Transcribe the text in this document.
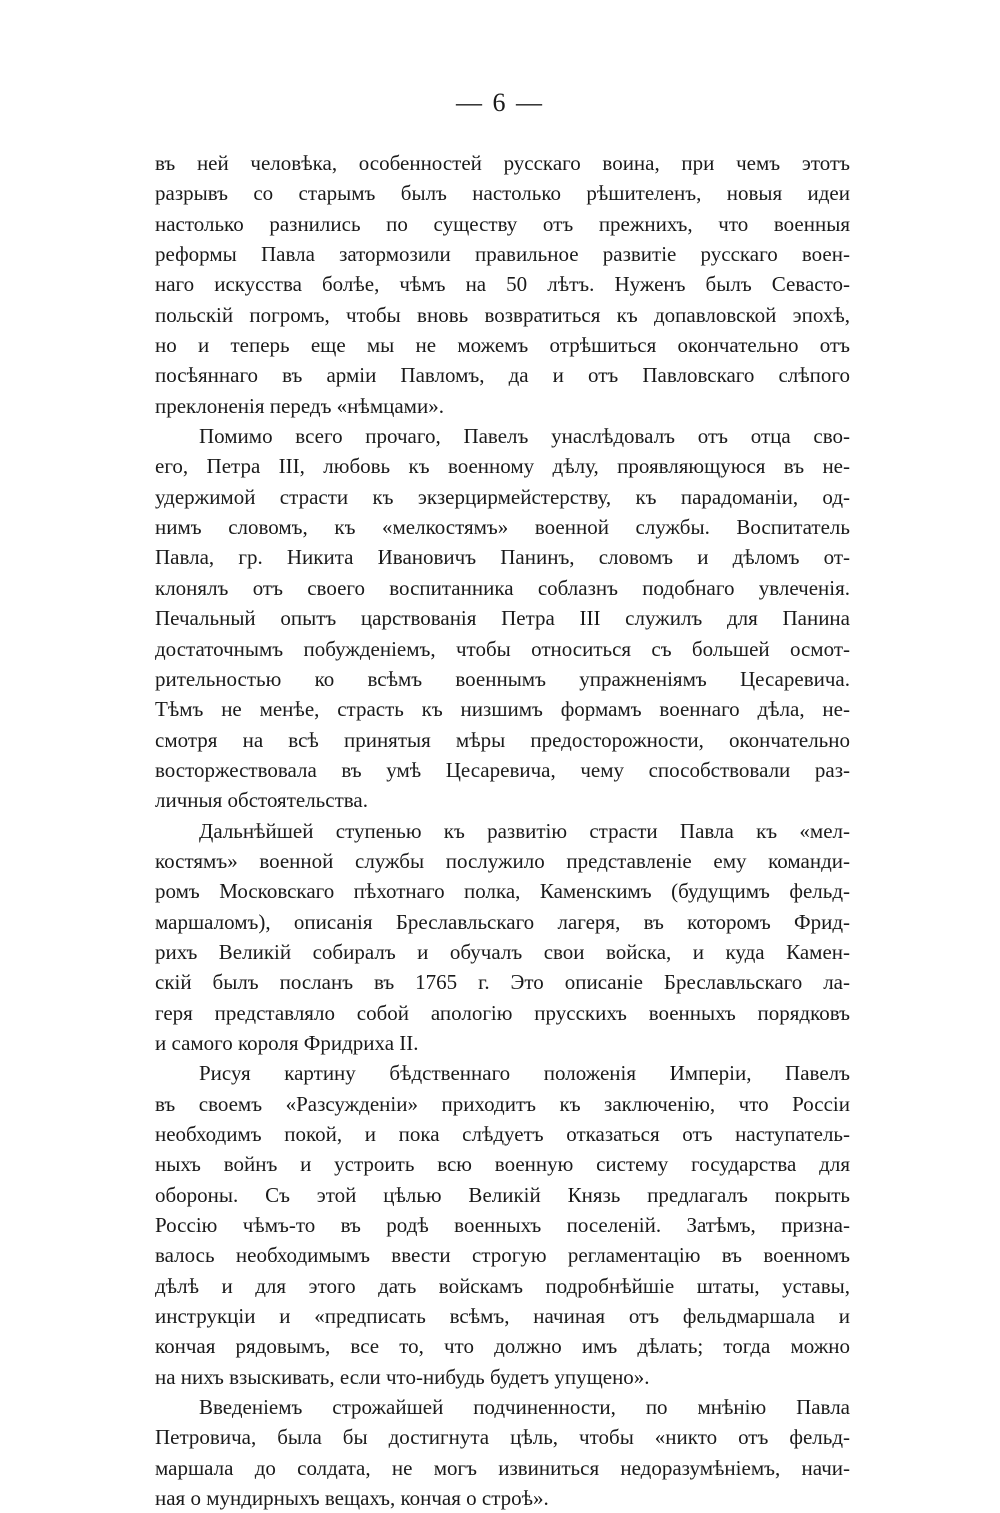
— 6 —
въ ней человѣка, особенностей русскаго воина, при чемъ этотъ
разрывъ со старымъ былъ настолько рѣшителенъ, новыя идеи
настолько разнились по существу отъ прежнихъ, что военныя
реформы Павла затормозили правильное развитіе русскаго воен-
наго искусства болѣе, чѣмъ на 50 лѣтъ. Нуженъ былъ Севасто-
польскій погромъ, чтобы вновь возвратиться къ допавловской эпохѣ,
но и теперь еще мы не можемъ отрѣшиться окончательно отъ
посѣяннаго въ арміи Павломъ, да и отъ Павловскаго слѣпого
преклоненія передъ «нѣмцами».
Помимо всего прочаго, Павелъ унаслѣдовалъ отъ отца сво-
его, Петра III, любовь къ военному дѣлу, проявляющуюся въ не-
удержимой страсти къ экзерцирмейстерству, къ парадоманіи, од-
нимъ словомъ, къ «мелкостямъ» военной службы. Воспитатель
Павла, гр. Никита Ивановичъ Панинъ, словомъ и дѣломъ от-
клонялъ отъ своего воспитанника соблазнъ подобнаго увлеченія.
Печальный опытъ царствованія Петра III служилъ для Панина
достаточнымъ побужденіемъ, чтобы относиться съ большей осмот-
рительностью ко всѣмъ военнымъ упражненіямъ Цесаревича.
Тѣмъ не менѣе, страсть къ низшимъ формамъ военнаго дѣла, не-
смотря на всѣ принятыя мѣры предосторожности, окончательно
восторжествовала въ умѣ Цесаревича, чему способствовали раз-
личныя обстоятельства.
Дальнѣйшей ступенью къ развитію страсти Павла къ «мел-
костямъ» военной службы послужило представленіе ему команди-
ромъ Московскаго пѣхотнаго полка, Каменскимъ (будущимъ фельд-
маршаломъ), описанія Бреславльскаго лагеря, въ которомъ Фрид-
рихъ Великій собиралъ и обучалъ свои войска, и куда Камен-
скій былъ посланъ въ 1765 г. Это описаніе Бреславльскаго ла-
геря представляло собой апологію прусскихъ военныхъ порядковъ
и самого короля Фридриха II.
Рисуя картину бѣдственнаго положенія Имперіи, Павелъ
въ своемъ «Разсужденіи» приходитъ къ заключенію, что Россіи
необходимъ покой, и пока слѣдуетъ отказаться отъ наступатель-
ныхъ войнъ и устроить всю военную систему государства для
обороны. Съ этой цѣлью Великій Князь предлагалъ покрыть
Россію чѣмъ-то въ родѣ военныхъ поселеній. Затѣмъ, призна-
валось необходимымъ ввести строгую регламентацію въ военномъ
дѣлѣ и для этого дать войскамъ подробнѣйшіе штаты, уставы,
инструкціи и «предписать всѣмъ, начиная отъ фельдмаршала и
кончая рядовымъ, все то, что должно имъ дѣлать; тогда можно
на нихъ взыскивать, если что-нибудь будетъ упущено».
Введеніемъ строжайшей подчиненности, по мнѣнію Павла
Петровича, была бы достигнута цѣль, чтобы «никто отъ фельд-
маршала до солдата, не могъ извиниться недоразумѣніемъ, начи-
ная о мундирныхъ вещахъ, кончая о строѣ».
